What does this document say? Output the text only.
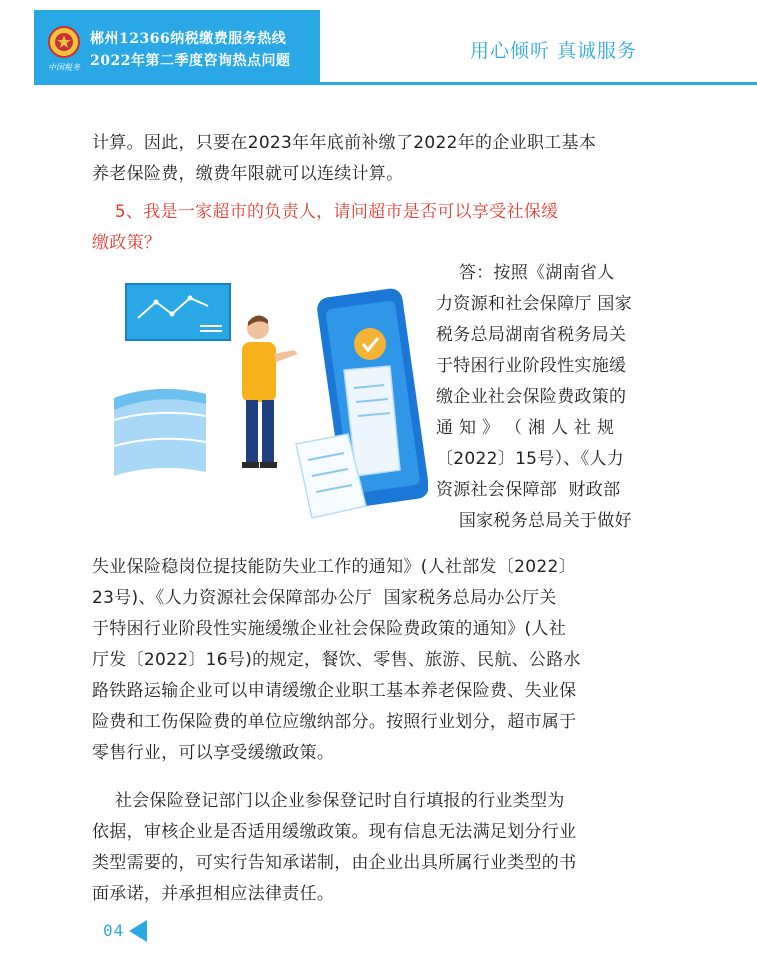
中国税务
郴州12366纳税缴费服务热线
2022年第二季度咨询热点问题	用心倾听 真诚服务
计算。因此，只要在2023年年底前补缴了2022年的企业职工基本
养老保险费，缴费年限就可以连续计算。
5、我是一家超市的负责人，请问超市是否可以享受社保缓
缴政策？
答：按照《湖南省人
力资源和社会保障厅 国家
税务总局湖南省税务局关
于特困行业阶段性实施缓
缴企业社会保险费政策的
通 知 》 （ 湘 人 社 规
〔2022〕15号）、《人力
资源社会保障部  财政部
国家税务总局关于做好
失业保险稳岗位提技能防失业工作的通知》(人社部发〔2022〕
23号)、《人力资源社会保障部办公厅  国家税务总局办公厅关
于特困行业阶段性实施缓缴企业社会保险费政策的通知》(人社
厅发〔2022〕16号)的规定，餐饮、零售、旅游、民航、公路水
路铁路运输企业可以申请缓缴企业职工基本养老保险费、失业保
险费和工伤保险费的单位应缴纳部分。按照行业划分，超市属于
零售行业，可以享受缓缴政策。
社会保险登记部门以企业参保登记时自行填报的行业类型为
依据，审核企业是否适用缓缴政策。现有信息无法满足划分行业
类型需要的，可实行告知承诺制，由企业出具所属行业类型的书
面承诺，并承担相应法律责任。
04
